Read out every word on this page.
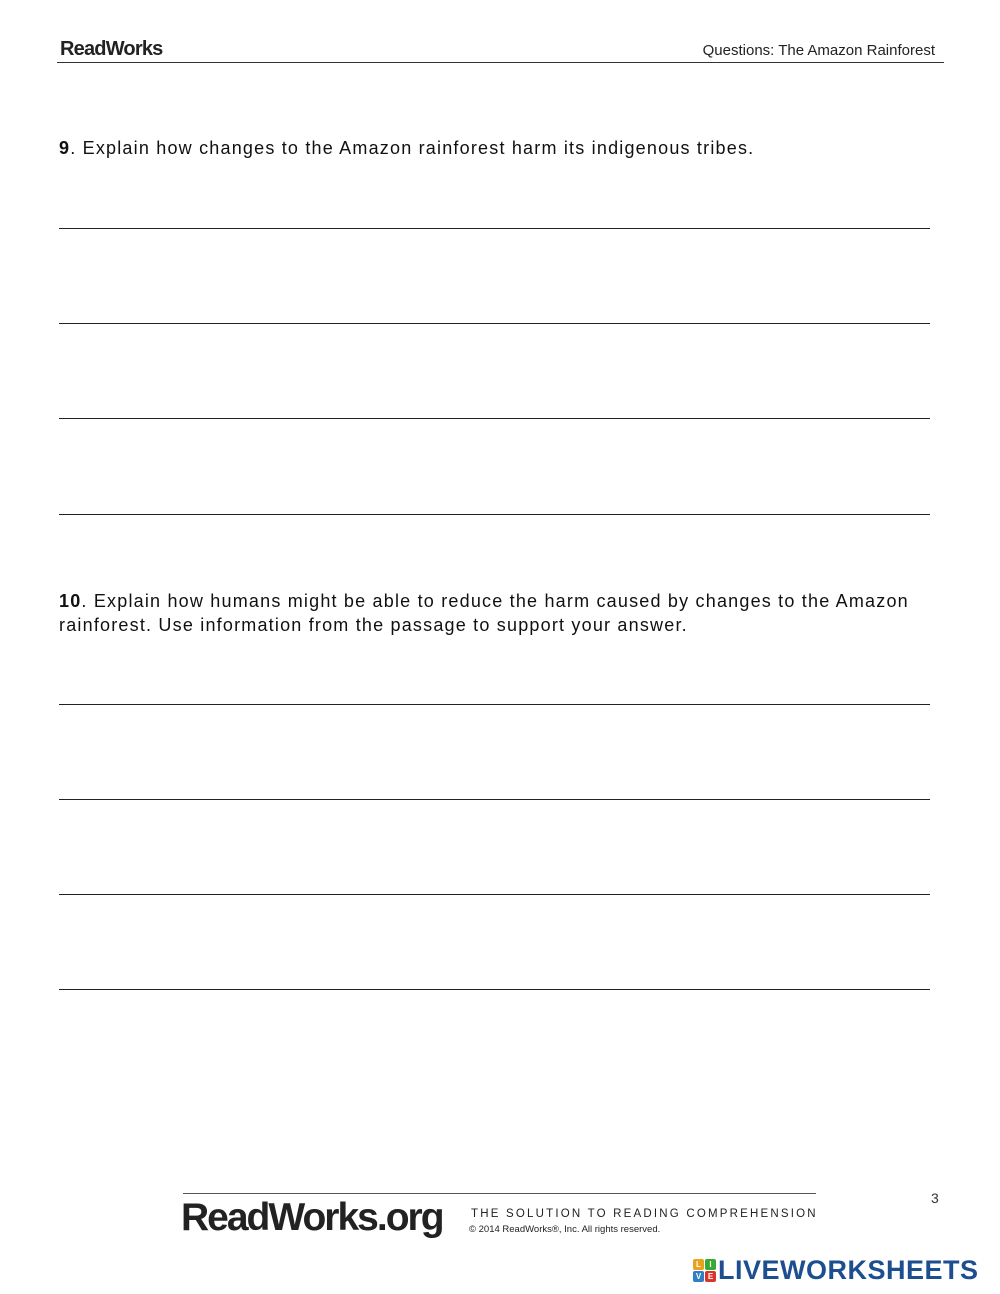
ReadWorks	Questions: The Amazon Rainforest
9. Explain how changes to the Amazon rainforest harm its indigenous tribes.
10. Explain how humans might be able to reduce the harm caused by changes to the Amazon rainforest. Use information from the passage to support your answer.
ReadWorks.org THE SOLUTION TO READING COMPREHENSION
© 2014 ReadWorks®, Inc. All rights reserved.
3
L	I
V E LIVEWORKSHEETS
